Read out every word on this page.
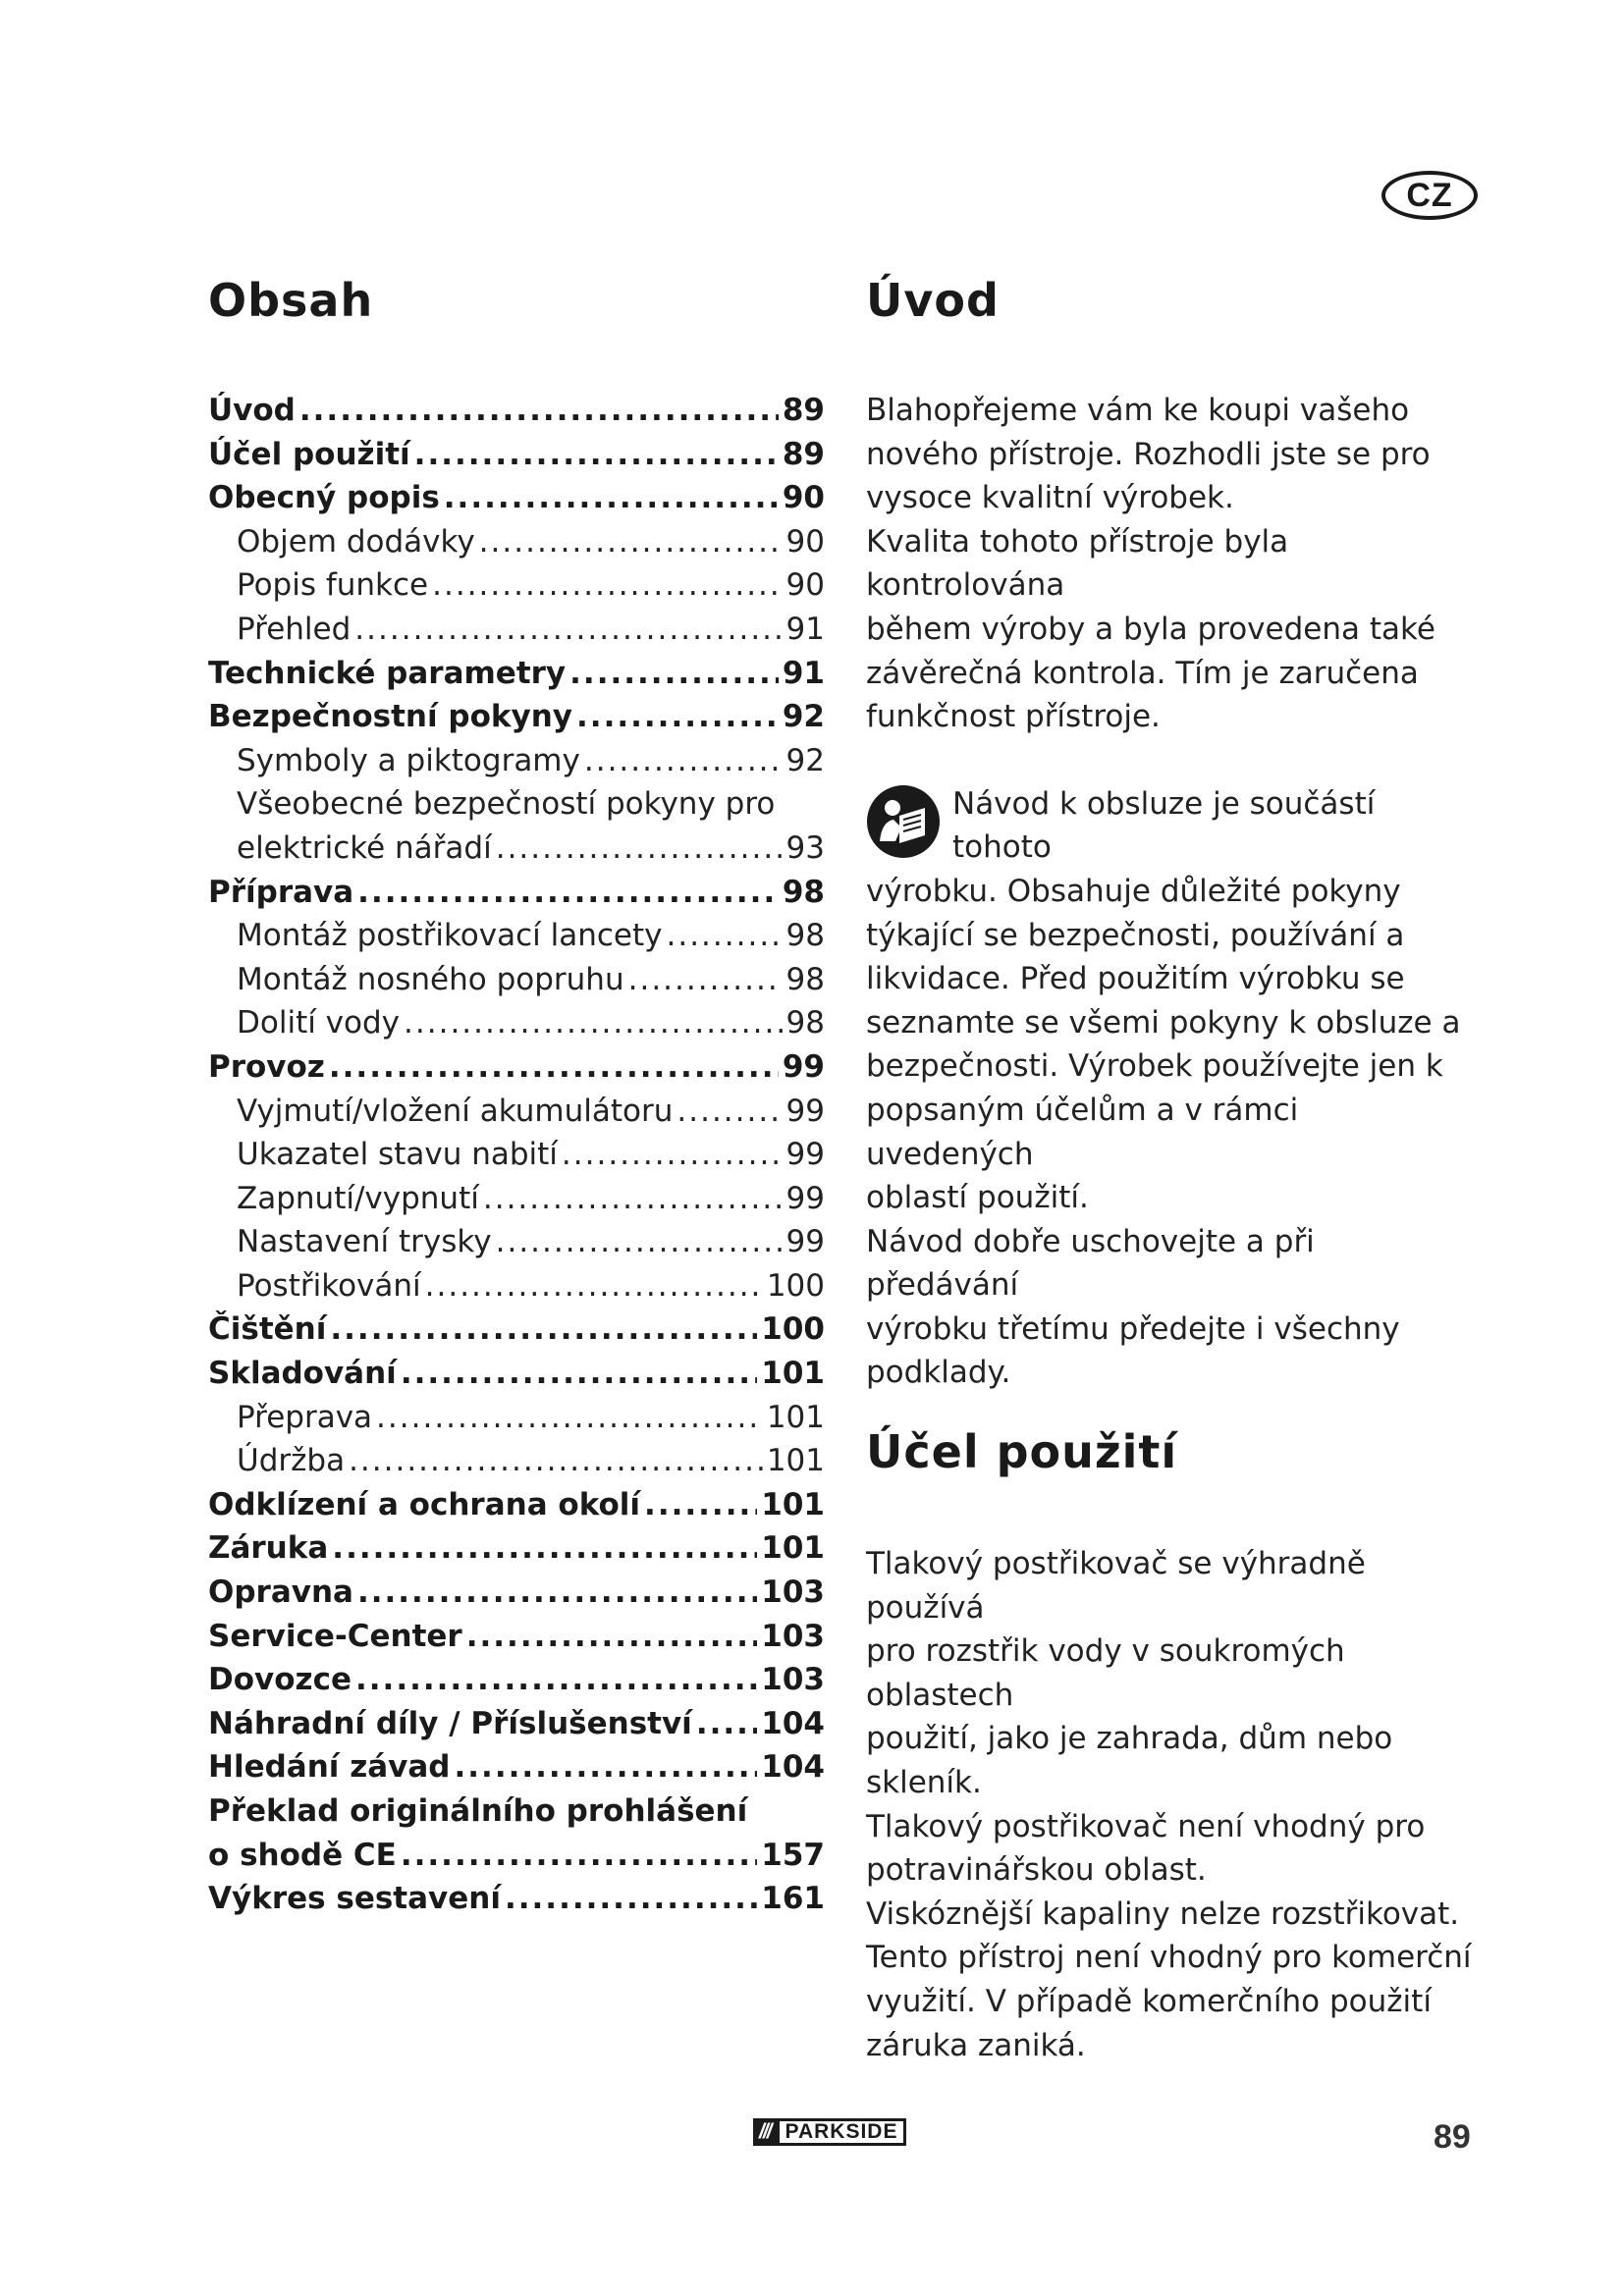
CZ
Obsah
Úvod .....	89
Účel použití .....	89
Obecný popis .....	90
Objem dodávky .....	90
Popis funkce .....	90
Přehled .....	91
Technické parametry .....	91
Bezpečnostní pokyny .....	92
Symboly a piktogramy .....	92
Všeobecné bezpečností pokyny pro
elektrické nářadí .....	93
Příprava .....	98
Montáž postřikovací lancety .....	98
Montáž nosného popruhu .....	98
Dolití vody .....	98
Provoz .....	99
Vyjmutí/vložení akumulátoru .....	99
Ukazatel stavu nabití .....	99
Zapnutí/vypnutí .....	99
Nastavení trysky .....	99
Postřikování .....	100
Čištění .....	100
Skladování .....	101
Přeprava .....	101
Údržba .....	101
Odklízení a ochrana okolí .....	101
Záruka .....	101
Opravna .....	103
Service-Center .....	103
Dovozce .....	103
Náhradní díly / Příslušenství ..... 104
Hledání závad .....	104
Překlad originálního prohlášení
o shodě CE .....	157
Výkres sestavení .....	161
Úvod
Blahopřejeme vám ke koupi vašeho
nového přístroje. Rozhodli jste se pro
vysoce kvalitní výrobek.
Kvalita tohoto přístroje byla kontrolována
během výroby a byla provedena také
závěrečná kontrola. Tím je zaručena
funkčnost přístroje.
Návod k obsluze je součástí tohoto
výrobku. Obsahuje důležité pokyny
týkající se bezpečnosti, používání a
likvidace. Před použitím výrobku se
seznamte se všemi pokyny k obsluze a
bezpečnosti. Výrobek používejte jen k
popsaným účelům a v rámci uvedených
oblastí použití.
Návod dobře uschovejte a při předávání
výrobku třetímu předejte i všechny podklady.
Účel použití
Tlakový postřikovač se výhradně používá
pro rozstřik vody v soukromých oblastech
použití, jako je zahrada, dům nebo skleník.
Tlakový postřikovač není vhodný pro
potravinářskou oblast.
Viskóznější kapaliny nelze rozstřikovat.
Tento přístroj není vhodný pro komerční
využití. V případě komerčního použití
záruka zaniká.
/// PARKSIDE	89
